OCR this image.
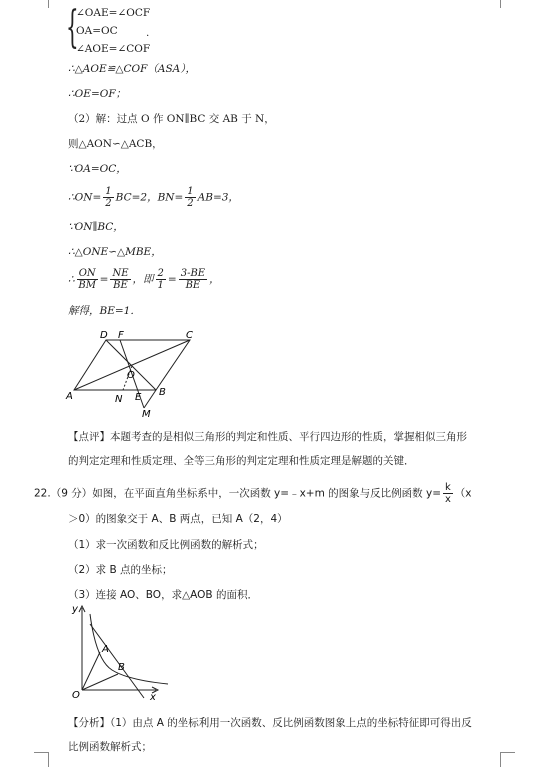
{
∠OAE=∠OCF
OA=OC
∠AOE=∠COF
.
∴△AOE≌△COF（ASA），
∴OE=OF；
（2）解：过点 O 作 ON∥BC 交 AB 于 N，
则△AON∽△ACB，
∵OA=OC，
∴ON= $\frac{1}{2} BC=2$，$BN= \frac{1}{2} AB=3$，
∵ON∥BC，
∴△ONE∽△MBE，
∴ $\frac{ON}{BM} = \frac{NE}{BE}$ ，即 $\frac{2}{1} = \frac{3-BE}{BE}$ ，
解得，BE=1．
D F	C
O
A	N E B
M
【点评】本题考查的是相似三角形的判定和性质、平行四边形的性质，掌握相似三角形
的判定定理和性质定理、全等三角形的判定定理和性质定理是解题的关键．
22.（9 分）如图，在平面直角坐标系中，一次函数 y=﹣x+m 的图象与反比例函数 $y= \frac{k}{x} (x$
＞0）的图象交于 A、B 两点，已知 A（2，4）
（1）求一次函数和反比例函数的解析式；
（2）求 B 点的坐标；
（3）连接 AO、BO，求△AOB 的面积．
y
A
B
O	x
【分析】（1）由点 A 的坐标利用一次函数、反比例函数图象上点的坐标特征即可得出反
比例函数解析式；
